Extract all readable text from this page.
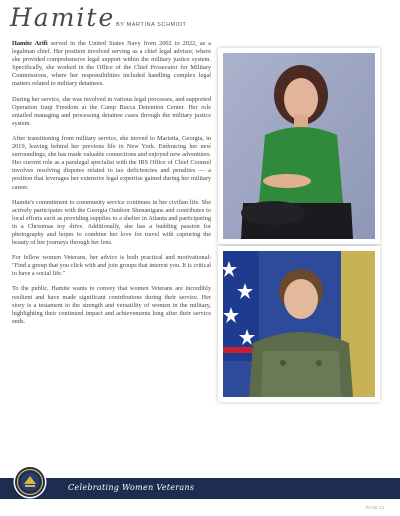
Hamite BY MARTINA SCHMIDT

Hamite Arifi served in the United States Navy from 2002 to 2022, as a legalman chief. Her position involved serving as a chief legal advisor, where she provided comprehensive legal support within the military justice system. Specifically, she worked in the Office of the Chief Prosecutor for Military Commissions, where her responsibilities included handling complex legal matters related to military detainees.

During her service, she was involved in various legal processes, and supported Operation Iraqi Freedom at the Camp Bucca Detention Center. Her role entailed managing and processing detainee cases through the military justice system.

After transitioning from military service, she moved to Marietta, Georgia, in 2019, leaving behind her previous life in New York. Embracing her new surroundings, she has made valuable connections and enjoyed new adventures. Her current role as a paralegal specialist with the IRS Office of Chief Counsel involves resolving disputes related to tax deficiencies and penalties — a position that leverages her extensive legal expertise gained during her military career.

Hamite's commitment to community service continues in her civilian life. She actively participates with the Georgia Outdoor Shenanigans and contributes to local efforts such as providing supplies to a shelter in Atlanta and participating in a Christmas toy drive. Additionally, she has a budding passion for photography and hopes to combine her love for travel with capturing the beauty of her journeys through her lens.

For fellow women Veterans, her advice is both practical and motivational: "Find a group that you click with and join groups that interest you. It is critical to have a social life."

To the public, Hamite wants to convey that women Veterans are incredibly resilient and have made significant contributions during their service. Her story is a testament to the strength and versatility of women in the military, highlighting their continued impact and achievements long after their service ends.

Celebrating Women Veterans
PAGE 13
